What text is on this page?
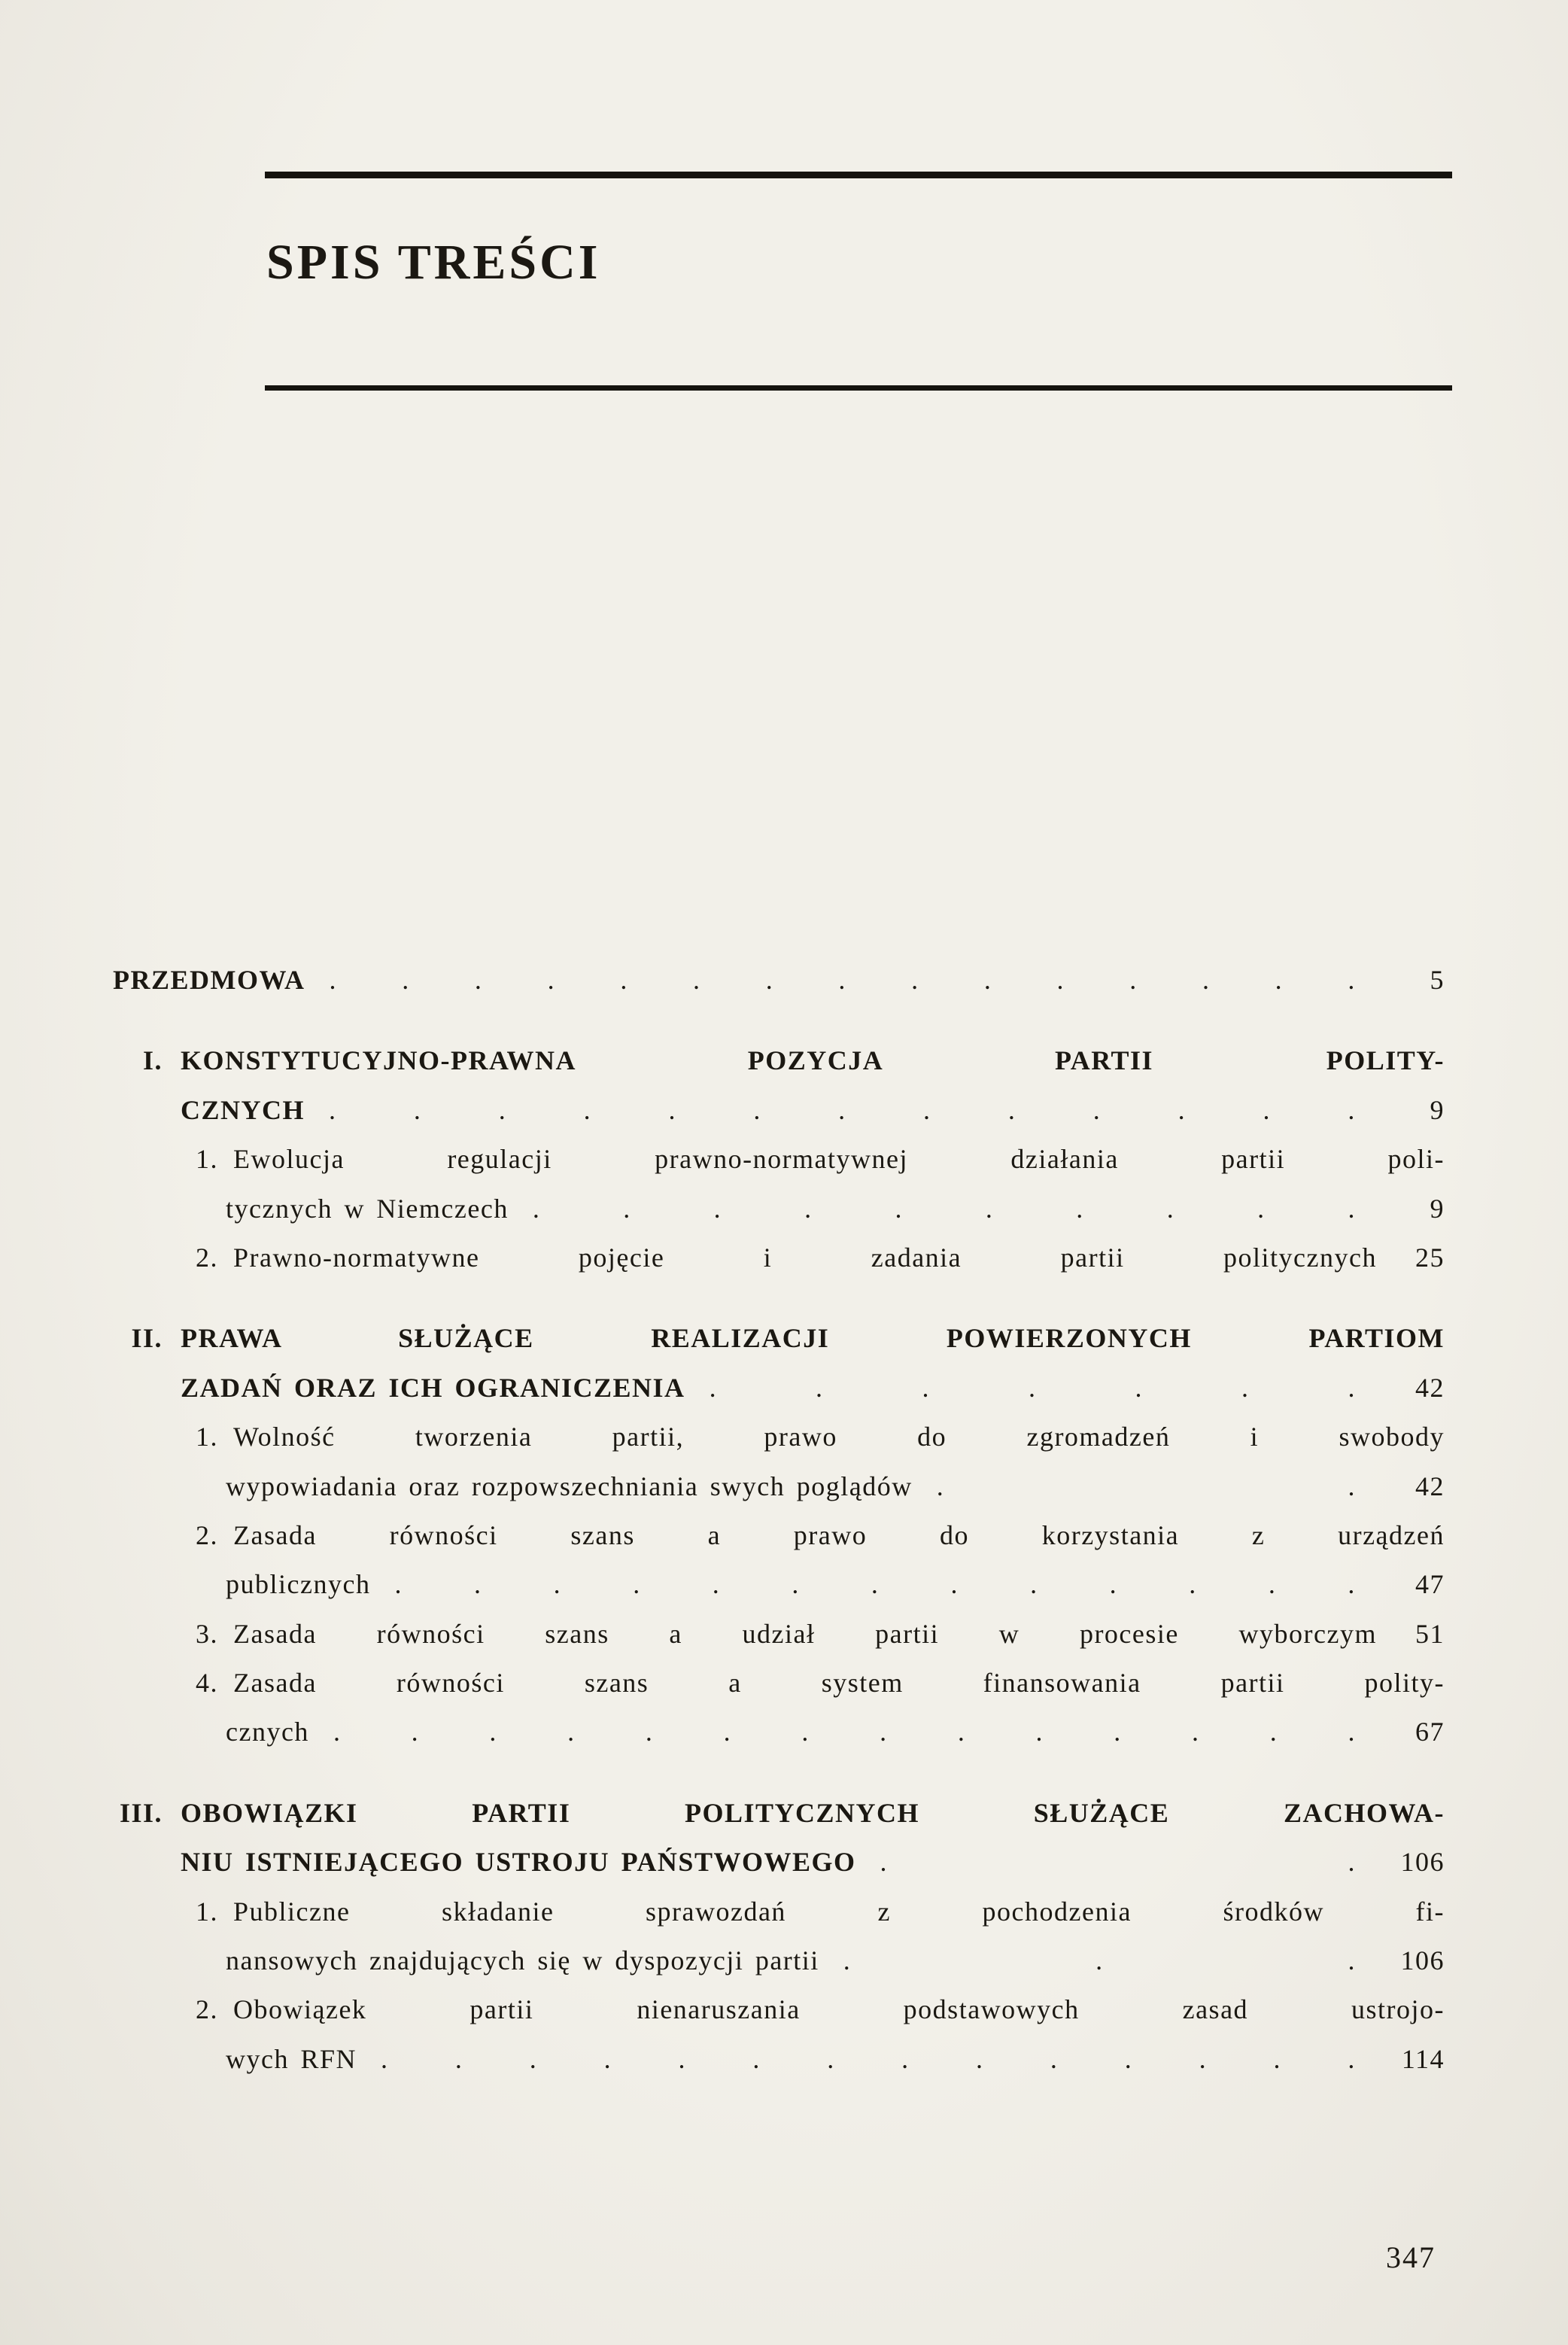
SPIS TREŚCI
PRZEDMOWA . . . . . . . . . . . . . . .	5
I. KONSTYTUCYJNO-PRAWNA POZYCJA PARTII POLITY-
CZNYCH .	.	.	.	.	.	.	.	.	.	.	.	.	9
1. Ewolucja regulacji prawno-normatywnej działania partii poli-
tycznych w Niemczech .	.	.	.	.	.	.	.	.	.	9
2. Prawno-normatywne pojęcie i zadania partii politycznych	25
II. PRAWA SŁUŻĄCE REALIZACJI POWIERZONYCH PARTIOM
ZADAŃ ORAZ ICH OGRANICZENIA .	.	.	.	.	.	.	42
1. Wolność tworzenia partii, prawo do zgromadzeń i swobody
wypowiadania oraz rozpowszechniania swych poglądów .	.	42
2. Zasada równości szans a prawo do korzystania z urządzeń
publicznych .	.	.	.	.	.	.	.	.	.	.	.	.	47
3. Zasada równości szans a udział partii w procesie wyborczym	51
4. Zasada równości szans a system finansowania partii polity-
cznych .	.	.	.	.	.	.	.	.	.	.	.	.	.	67
III. OBOWIĄZKI PARTII POLITYCZNYCH SŁUŻĄCE ZACHOWA-
NIU ISTNIEJĄCEGO USTROJU PAŃSTWOWEGO .	.	106
1. Publiczne składanie sprawozdań z pochodzenia środków fi-
nansowych znajdujących się w dyspozycji partii .	.	.	106
2. Obowiązek partii nienaruszania podstawowych zasad ustrojo-
wych RFN . . . . . . . . . . . . . .	114
347
